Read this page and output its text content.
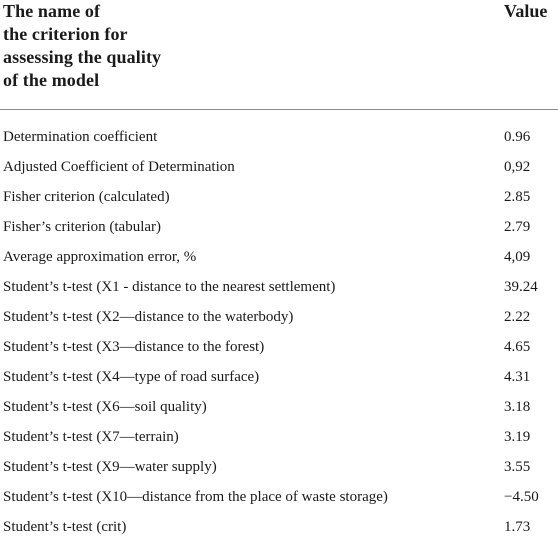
The name of
the criterion for
assessing the quality
of the model
Value
Determination coefficient	0.96
Adjusted Coefficient of Determination	0,92
Fisher criterion (calculated)	2.85
Fisher’s criterion (tabular)	2.79
Average approximation error, %	4,09
Student’s t-test (X1 - distance to the nearest settlement)	39.24
Student’s t-test (X2—distance to the waterbody)	2.22
Student’s t-test (X3—distance to the forest)	4.65
Student’s t-test (X4—type of road surface)	4.31
Student’s t-test (X6—soil quality)	3.18
Student’s t-test (X7—terrain)	3.19
Student’s t-test (X9—water supply)	3.55
Student’s t-test (X10—distance from the place of waste storage)	−4.50
Student’s t-test (crit)	1.73
